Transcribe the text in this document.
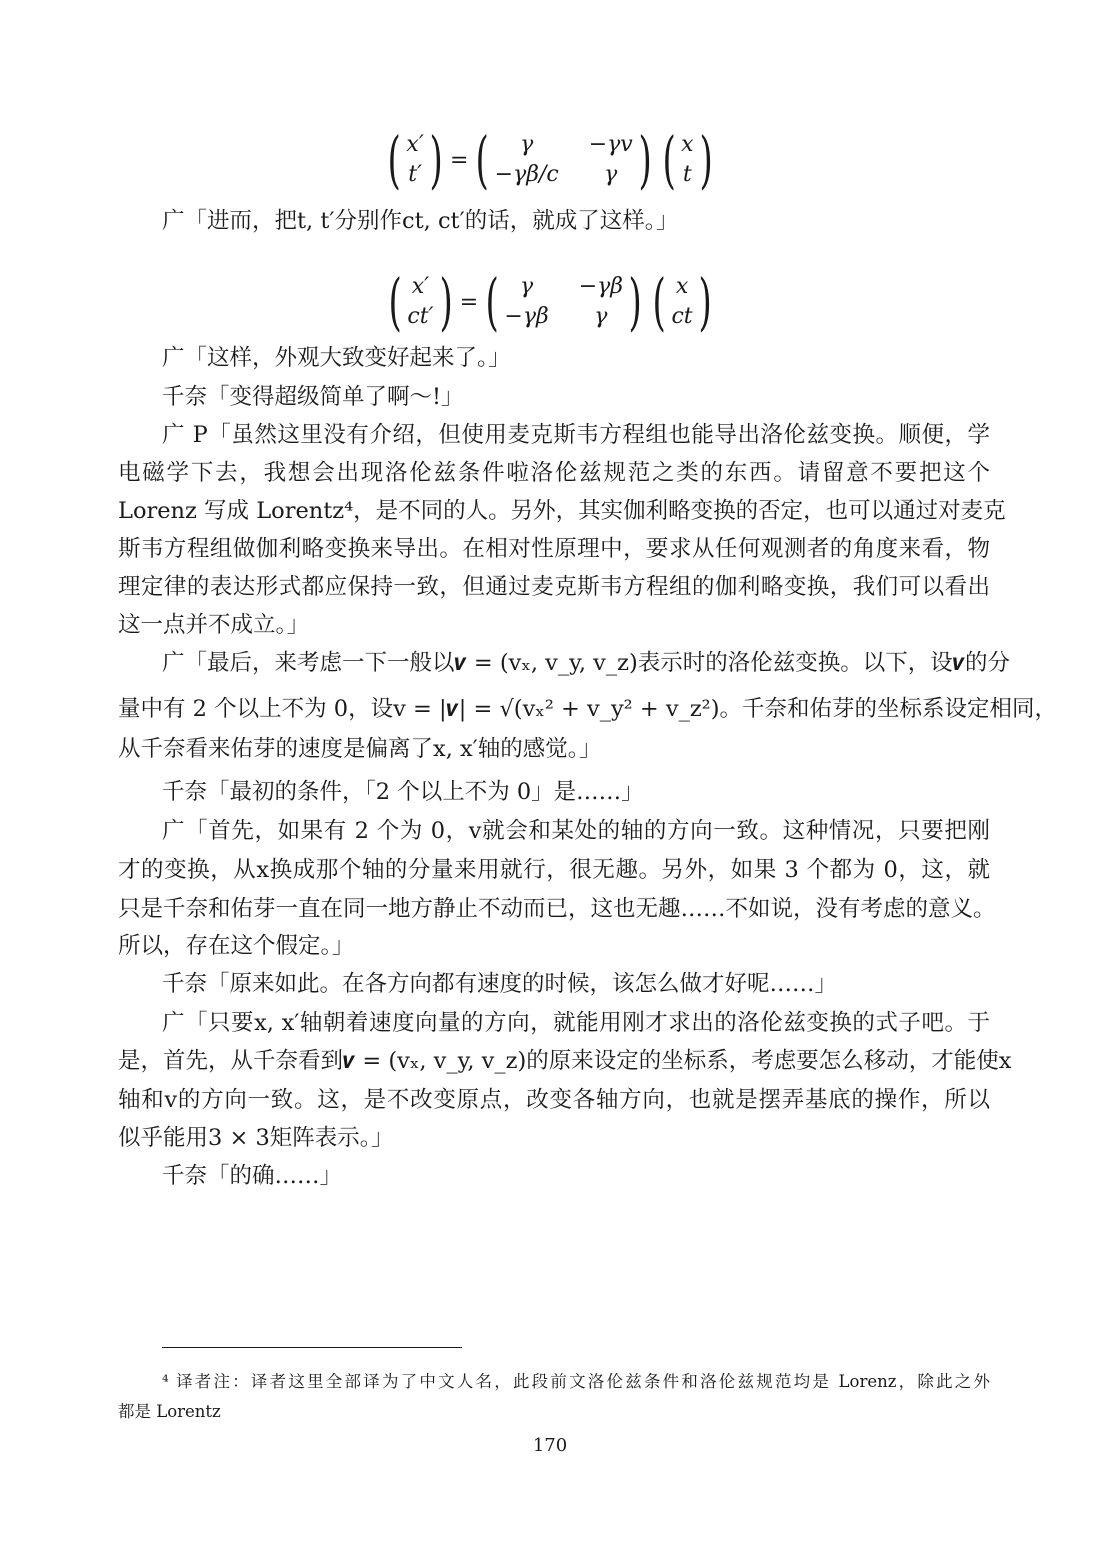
( x′
t′ ) = (	γ	−γv
−γβ/c	γ ) ( x
t )
广「进而，把t, t′分别作ct, ct′的话，就成了这样。」
( x′
ct′ ) = ( γ	−γβ
−γβ	γ ) ( x
ct )
广「这样，外观大致变好起来了。」
千奈「变得超级简单了啊～!」
广 P「虽然这里没有介绍，但使用麦克斯韦方程组也能导出洛伦兹变换。顺便，学
电磁学下去，我想会出现洛伦兹条件啦洛伦兹规范之类的东西。请留意不要把这个
Lorenz 写成 Lorentz⁴，是不同的人。另外，其实伽利略变换的否定，也可以通过对麦克
斯韦方程组做伽利略变换来导出。在相对性原理中，要求从任何观测者的角度来看，物
理定律的表达形式都应保持一致，但通过麦克斯韦方程组的伽利略变换，我们可以看出
这一点并不成立。」
广「最后，来考虑一下一般以𝒗 = (vₓ, v_y, v_z)表示时的洛伦兹变换。以下，设𝒗的分
量中有 2 个以上不为 0，设v = |𝒗| = √(vₓ² + v_y² + v_z²)。千奈和佑芽的坐标系设定相同，
从千奈看来佑芽的速度是偏离了x, x′轴的感觉。」
千奈「最初的条件，「2 个以上不为 0」是……」
广「首先，如果有 2 个为 0，v就会和某处的轴的方向一致。这种情况，只要把刚
才的变换，从x换成那个轴的分量来用就行，很无趣。另外，如果 3 个都为 0，这，就
只是千奈和佑芽一直在同一地方静止不动而已，这也无趣……不如说，没有考虑的意义。
所以，存在这个假定。」
千奈「原来如此。在各方向都有速度的时候，该怎么做才好呢……」
广「只要x, x′轴朝着速度向量的方向，就能用刚才求出的洛伦兹变换的式子吧。于
是，首先，从千奈看到𝒗 = (vₓ, v_y, v_z)的原来设定的坐标系，考虑要怎么移动，才能使x
轴和v的方向一致。这，是不改变原点，改变各轴方向，也就是摆弄基底的操作，所以
似乎能用3 × 3矩阵表示。」
千奈「的确……」
⁴ 译者注：译者这里全部译为了中文人名，此段前文洛伦兹条件和洛伦兹规范均是 Lorenz，除此之外
都是 Lorentz
170
